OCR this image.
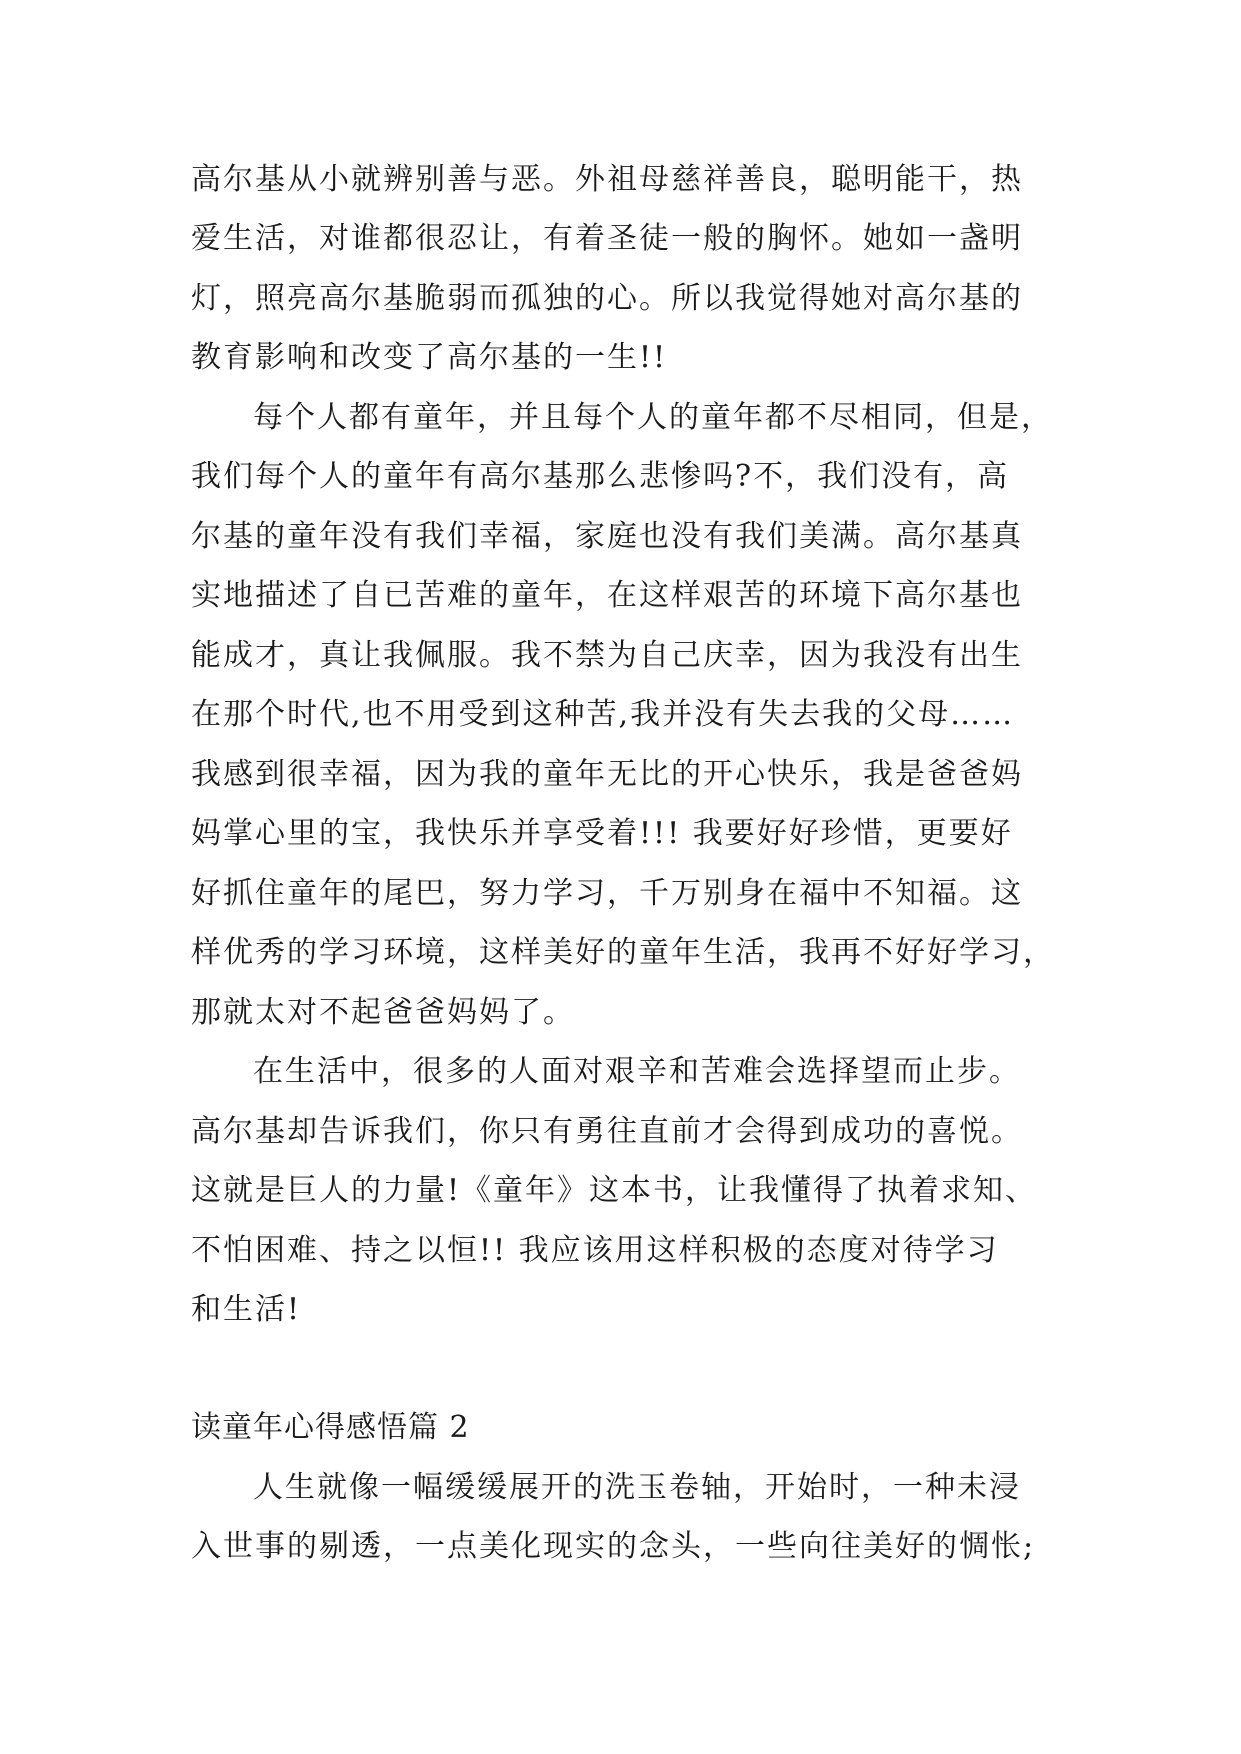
高尔基从小就辨别善与恶。外祖母慈祥善良，聪明能干，热
爱生活，对谁都很忍让，有着圣徒一般的胸怀。她如一盏明
灯，照亮高尔基脆弱而孤独的心。所以我觉得她对高尔基的
教育影响和改变了高尔基的一生!!
每个人都有童年，并且每个人的童年都不尽相同，但是，
我们每个人的童年有高尔基那么悲惨吗?不，我们没有，高
尔基的童年没有我们幸福，家庭也没有我们美满。高尔基真
实地描述了自已苦难的童年，在这样艰苦的环境下高尔基也
能成才，真让我佩服。我不禁为自己庆幸，因为我没有出生
在那个时代,也不用受到这种苦,我并没有失去我的父母……
我感到很幸福，因为我的童年无比的开心快乐，我是爸爸妈
妈掌心里的宝，我快乐并享受着!!! 我要好好珍惜，更要好
好抓住童年的尾巴，努力学习，千万别身在福中不知福。这
样优秀的学习环境，这样美好的童年生活，我再不好好学习，
那就太对不起爸爸妈妈了。
在生活中，很多的人面对艰辛和苦难会选择望而止步。
高尔基却告诉我们，你只有勇往直前才会得到成功的喜悦。
这就是巨人的力量!《童年》这本书，让我懂得了执着求知、
不怕困难、持之以恒!! 我应该用这样积极的态度对待学习
和生活!
读童年心得感悟篇 2
人生就像一幅缓缓展开的洗玉卷轴，开始时，一种未浸
入世事的剔透，一点美化现实的念头，一些向往美好的惆怅;
